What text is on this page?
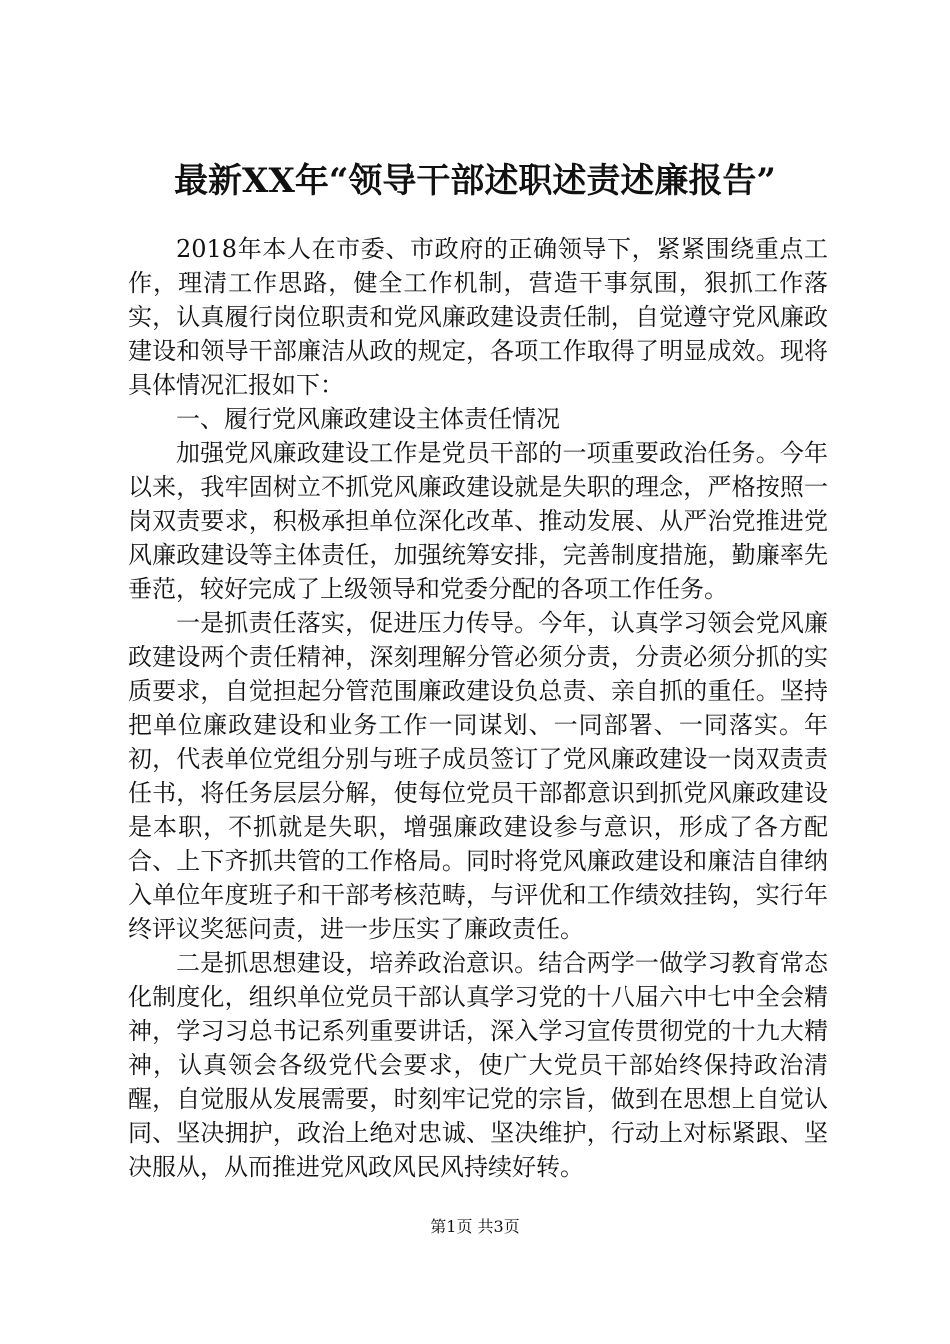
最新XX年“领导干部述职述责述廉报告”

2018年本人在市委、市政府的正确领导下，紧紧围绕重点工作，理清工作思路，健全工作机制，营造干事氛围，狠抓工作落实，认真履行岗位职责和党风廉政建设责任制，自觉遵守党风廉政建设和领导干部廉洁从政的规定，各项工作取得了明显成效。现将具体情况汇报如下：

一、履行党风廉政建设主体责任情况

加强党风廉政建设工作是党员干部的一项重要政治任务。今年以来，我牢固树立不抓党风廉政建设就是失职的理念，严格按照一岗双责要求，积极承担单位深化改革、推动发展、从严治党推进党风廉政建设等主体责任，加强统筹安排，完善制度措施，勤廉率先垂范，较好完成了上级领导和党委分配的各项工作任务。

一是抓责任落实，促进压力传导。今年，认真学习领会党风廉政建设两个责任精神，深刻理解分管必须分责，分责必须分抓的实质要求，自觉担起分管范围廉政建设负总责、亲自抓的重任。坚持把单位廉政建设和业务工作一同谋划、一同部署、一同落实。年初，代表单位党组分别与班子成员签订了党风廉政建设一岗双责责任书，将任务层层分解，使每位党员干部都意识到抓党风廉政建设是本职，不抓就是失职，增强廉政建设参与意识，形成了各方配合、上下齐抓共管的工作格局。同时将党风廉政建设和廉洁自律纳入单位年度班子和干部考核范畴，与评优和工作绩效挂钩，实行年终评议奖惩问责，进一步压实了廉政责任。

二是抓思想建设，培养政治意识。结合两学一做学习教育常态化制度化，组织单位党员干部认真学习党的十八届六中七中全会精神，学习习总书记系列重要讲话，深入学习宣传贯彻党的十九大精神，认真领会各级党代会要求，使广大党员干部始终保持政治清醒，自觉服从发展需要，时刻牢记党的宗旨，做到在思想上自觉认同、坚决拥护，政治上绝对忠诚、坚决维护，行动上对标紧跟、坚决服从，从而推进党风政风民风持续好转。

第1页 共3页
